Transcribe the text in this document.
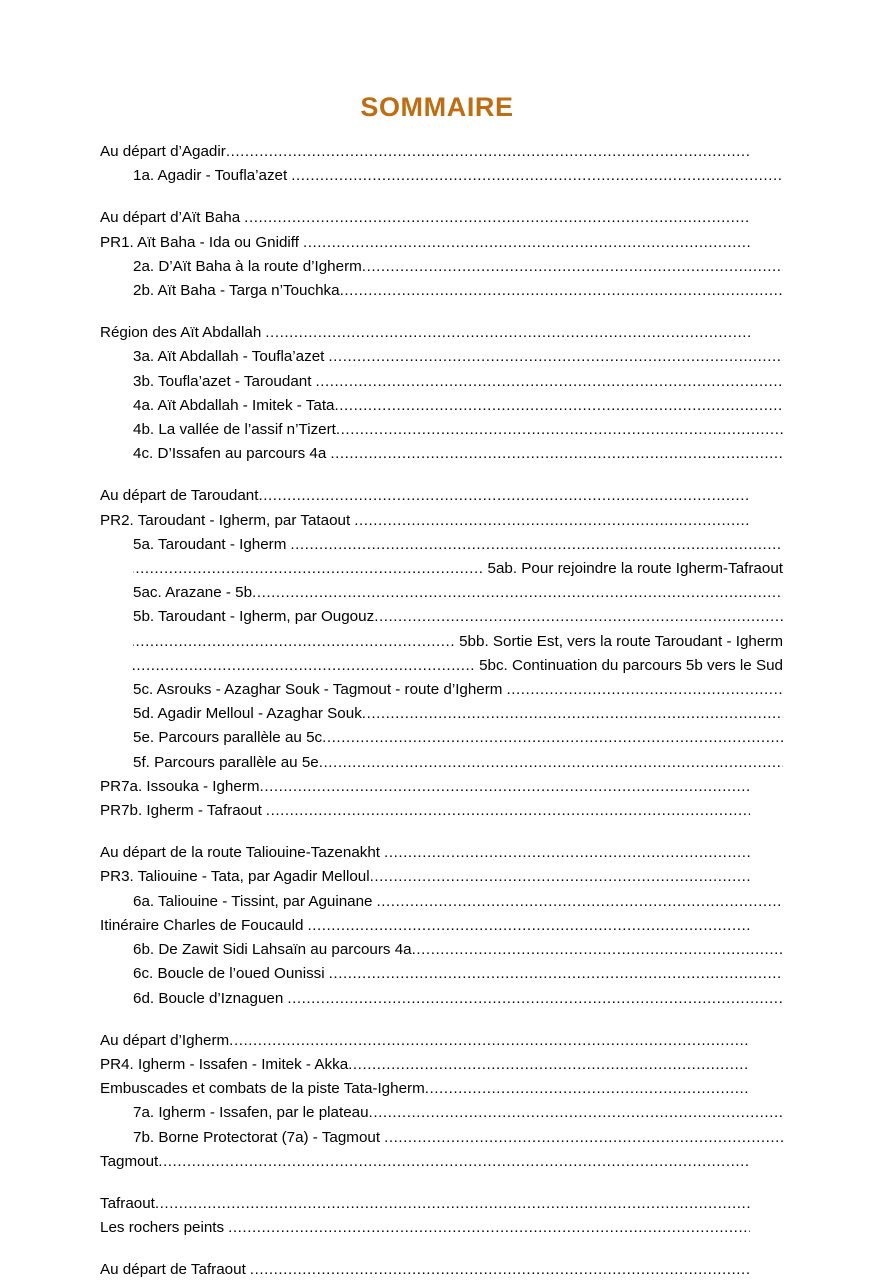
SOMMAIRE
Au départ d’Agadir
.....
1a. Agadir - Toufla’azet
.....
Au départ d’Aït Baha
.....
PR1. Aït Baha - Ida ou Gnidiff
.....
2a. D’Aït Baha à la route d’Igherm
.....
2b. Aït Baha - Targa n’Touchka
.....
Région des Aït Abdallah
.....
3a. Aït Abdallah - Toufla’azet
.....
3b. Toufla’azet - Taroudant
.....
4a. Aït Abdallah - Imitek - Tata
.....
4b. La vallée de l’assif n’Tizert
.....
4c. D’Issafen au parcours 4a
.....
Au départ de Taroudant
.....
PR2. Taroudant - Igherm, par Tataout
.....
5a. Taroudant - Igherm
.....
.....
5ab. Pour rejoindre la route Igherm-Tafraout
5ac. Arazane - 5b
.....
5b. Taroudant - Igherm, par Ougouz
.....
.....
5bb. Sortie Est, vers la route Taroudant - Igherm
.....
5bc. Continuation du parcours 5b vers le Sud
5c. Asrouks - Azaghar Souk - Tagmout - route d’Igherm
.....
5d. Agadir Melloul - Azaghar Souk
.....
5e. Parcours parallèle au 5c
.....
5f. Parcours parallèle au 5e
.....
PR7a. Issouka - Igherm
.....
PR7b. Igherm - Tafraout
.....
Au départ de la route Taliouine-Tazenakht
.....
PR3. Taliouine - Tata, par Agadir Melloul
.....
6a. Taliouine - Tissint, par Aguinane
.....
Itinéraire Charles de Foucauld
.....
6b. De Zawit Sidi Lahsaïn au parcours 4a
.....
6c. Boucle de l’oued Ounissi
.....
6d. Boucle d’Iznaguen
.....
Au départ d’Igherm
.....
PR4. Igherm - Issafen - Imitek - Akka
.....
Embuscades et combats de la piste Tata-Igherm
.....
7a. Igherm - Issafen, par le plateau
.....
7b. Borne Protectorat (7a) - Tagmout
.....
Tagmout
.....
Tafraout
.....
Les rochers peints
.....
Au départ de Tafraout
.....
